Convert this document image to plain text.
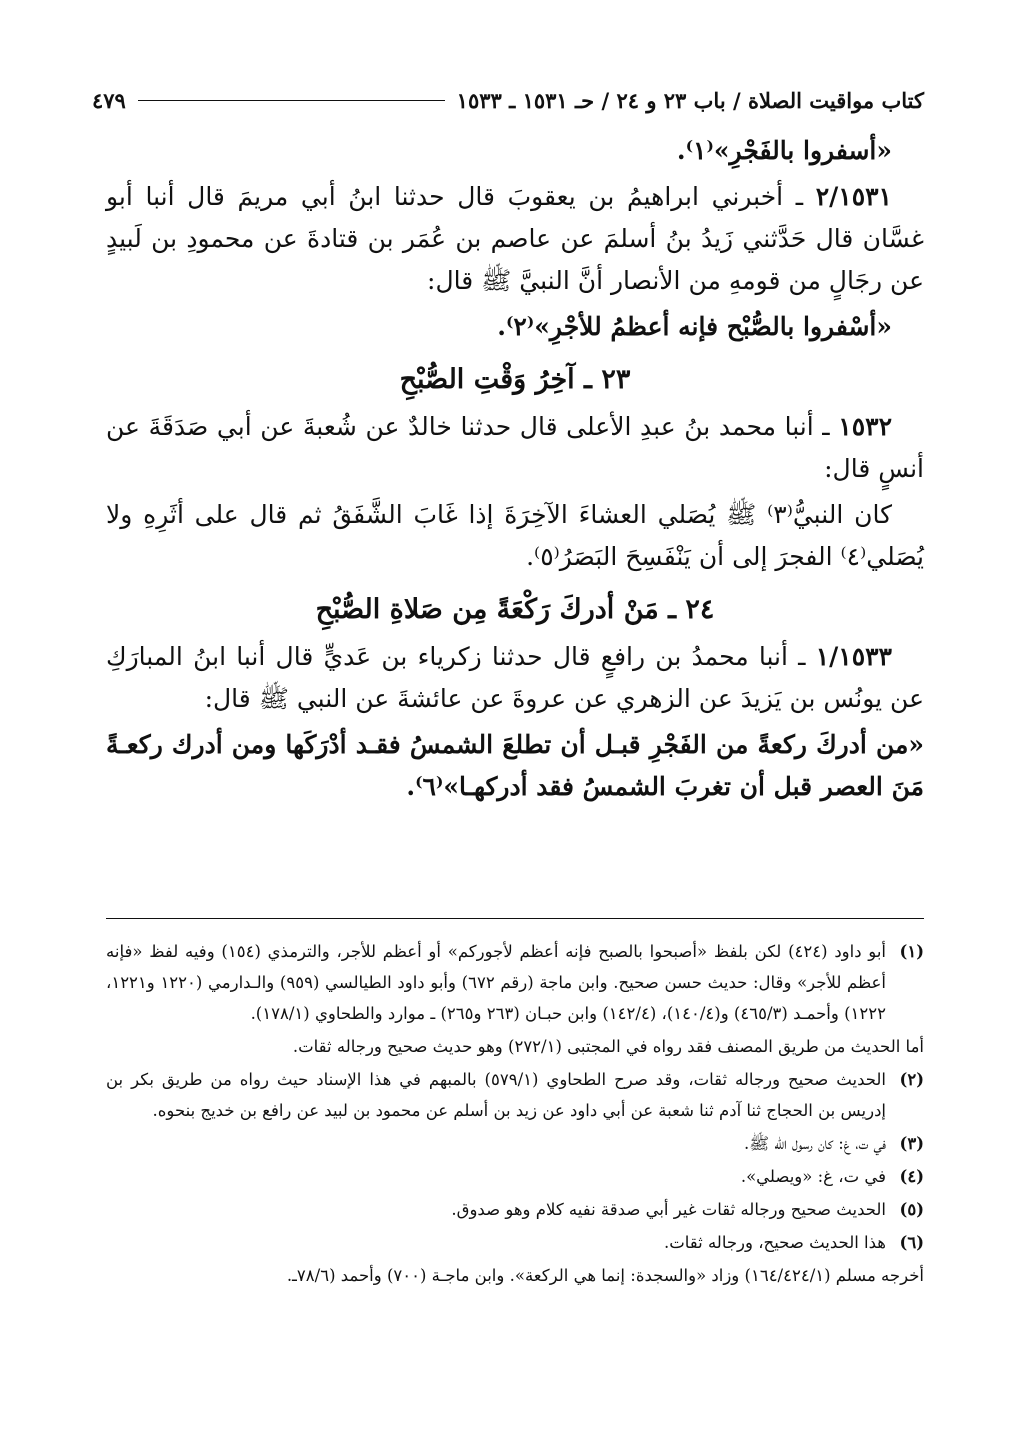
كتاب مواقيت الصلاة / باب ٢٣ و ٢٤ / حـ ١٥٣١ ـ ١٥٣٣
٤٧٩

«أسفروا بالفَجْرِ»⁽١⁾.

٢/١٥٣١ ـ أخبرني ابراهيمُ بن يعقوبَ قال حدثنا ابنُ أبي مريمَ قال أنبا أبو غسَّان قال حَدَّثني زَيدُ بنُ أسلمَ عن عاصم بن عُمَر بن قتادةَ عن محمودِ بن لَبيدٍ عن رجَالٍ من قومهِ من الأنصار أنَّ النبيَّ ﷺ قال:

«أسْفروا بالصُّبْح فإنه أعظمُ للأجْرِ»⁽٢⁾.

٢٣ ـ آخِرُ وَقْتِ الصُّبْحِ

١٥٣٢ ـ أنبا محمد بنُ عبدِ الأعلى قال حدثنا خالدٌ عن شُعبةَ عن أبي صَدَقَةَ عن أنسٍ قال:

كان النبيُّ⁽٣⁾ ﷺ يُصَلي العشاءَ الآخِرَةَ إذا غَابَ الشَّفَقُ ثم قال على أثَرِهِ ولا يُصَلي⁽٤⁾ الفجرَ إلى أن يَنْفَسِحَ البَصَرُ⁽٥⁾.

٢٤ ـ مَنْ أدركَ رَكْعَةً مِن صَلاةِ الصُّبْحِ

١/١٥٣٣ ـ أنبا محمدُ بن رافعٍ قال حدثنا زكرياء بن عَديٍّ قال أنبا ابنُ المبارَكِ عن يونُس بن يَزيدَ عن الزهري عن عروةَ عن عائشةَ عن النبي ﷺ قال:

«من أدركَ ركعةً من الفَجْرِ قبـل أن تطلعَ الشمسُ فقـد أدْرَكَها ومن أدرك ركعـةً مَنَ العصر قبل أن تغربَ الشمسُ فقد أدركهـا»⁽٦⁾.

(١)
أبو داود (٤٢٤) لكن بلفظ «أصبحوا بالصبح فإنه أعظم لأجوركم» أو أعظم للأجر، والترمذي (١٥٤) وفيه لفظ «فإنه أعظم للأجر» وقال: حديث حسن صحيح. وابن ماجة (رقم ٦٧٢) وأبو داود الطيالسي (٩٥٩) والـدارمي (١٢٢٠ و١٢٢١، ١٢٢٢) وأحمـد (٤٦٥/٣) و(١٤٠/٤)، (١٤٢/٤) وابن حبـان (٢٦٣ و٢٦٥) ـ موارد والطحاوي (١٧٨/١).

أما الحديث من طريق المصنف فقد رواه في المجتبى (٢٧٢/١) وهو حديث صحيح ورجاله ثقات.

(٢)
الحديث صحيح ورجاله ثقات، وقد صرح الطحاوي (٥٧٩/١) بالمبهم في هذا الإسناد حيث رواه من طريق بكر بن إدريس بن الحجاج ثنا آدم ثنا شعبة عن أبي داود عن زيد بن أسلم عن محمود بن لبيد عن رافع بن خديج بنحوه.
(٣)
في ت، غ: كان رسول الله ﷺ.
(٤)
في ت، غ: «ويصلي».
(٥)
الحديث صحيح ورجاله ثقات غير أبي صدقة نفيه كلام وهو صدوق.
(٦)
هذا الحديث صحيح، ورجاله ثقات.

أخرجه مسلم (١٦٤/٤٢٤/١) وزاد «والسجدة: إنما هي الركعة». وابن ماجـة (٧٠٠) وأحمد (٧٨/٦ـ.
